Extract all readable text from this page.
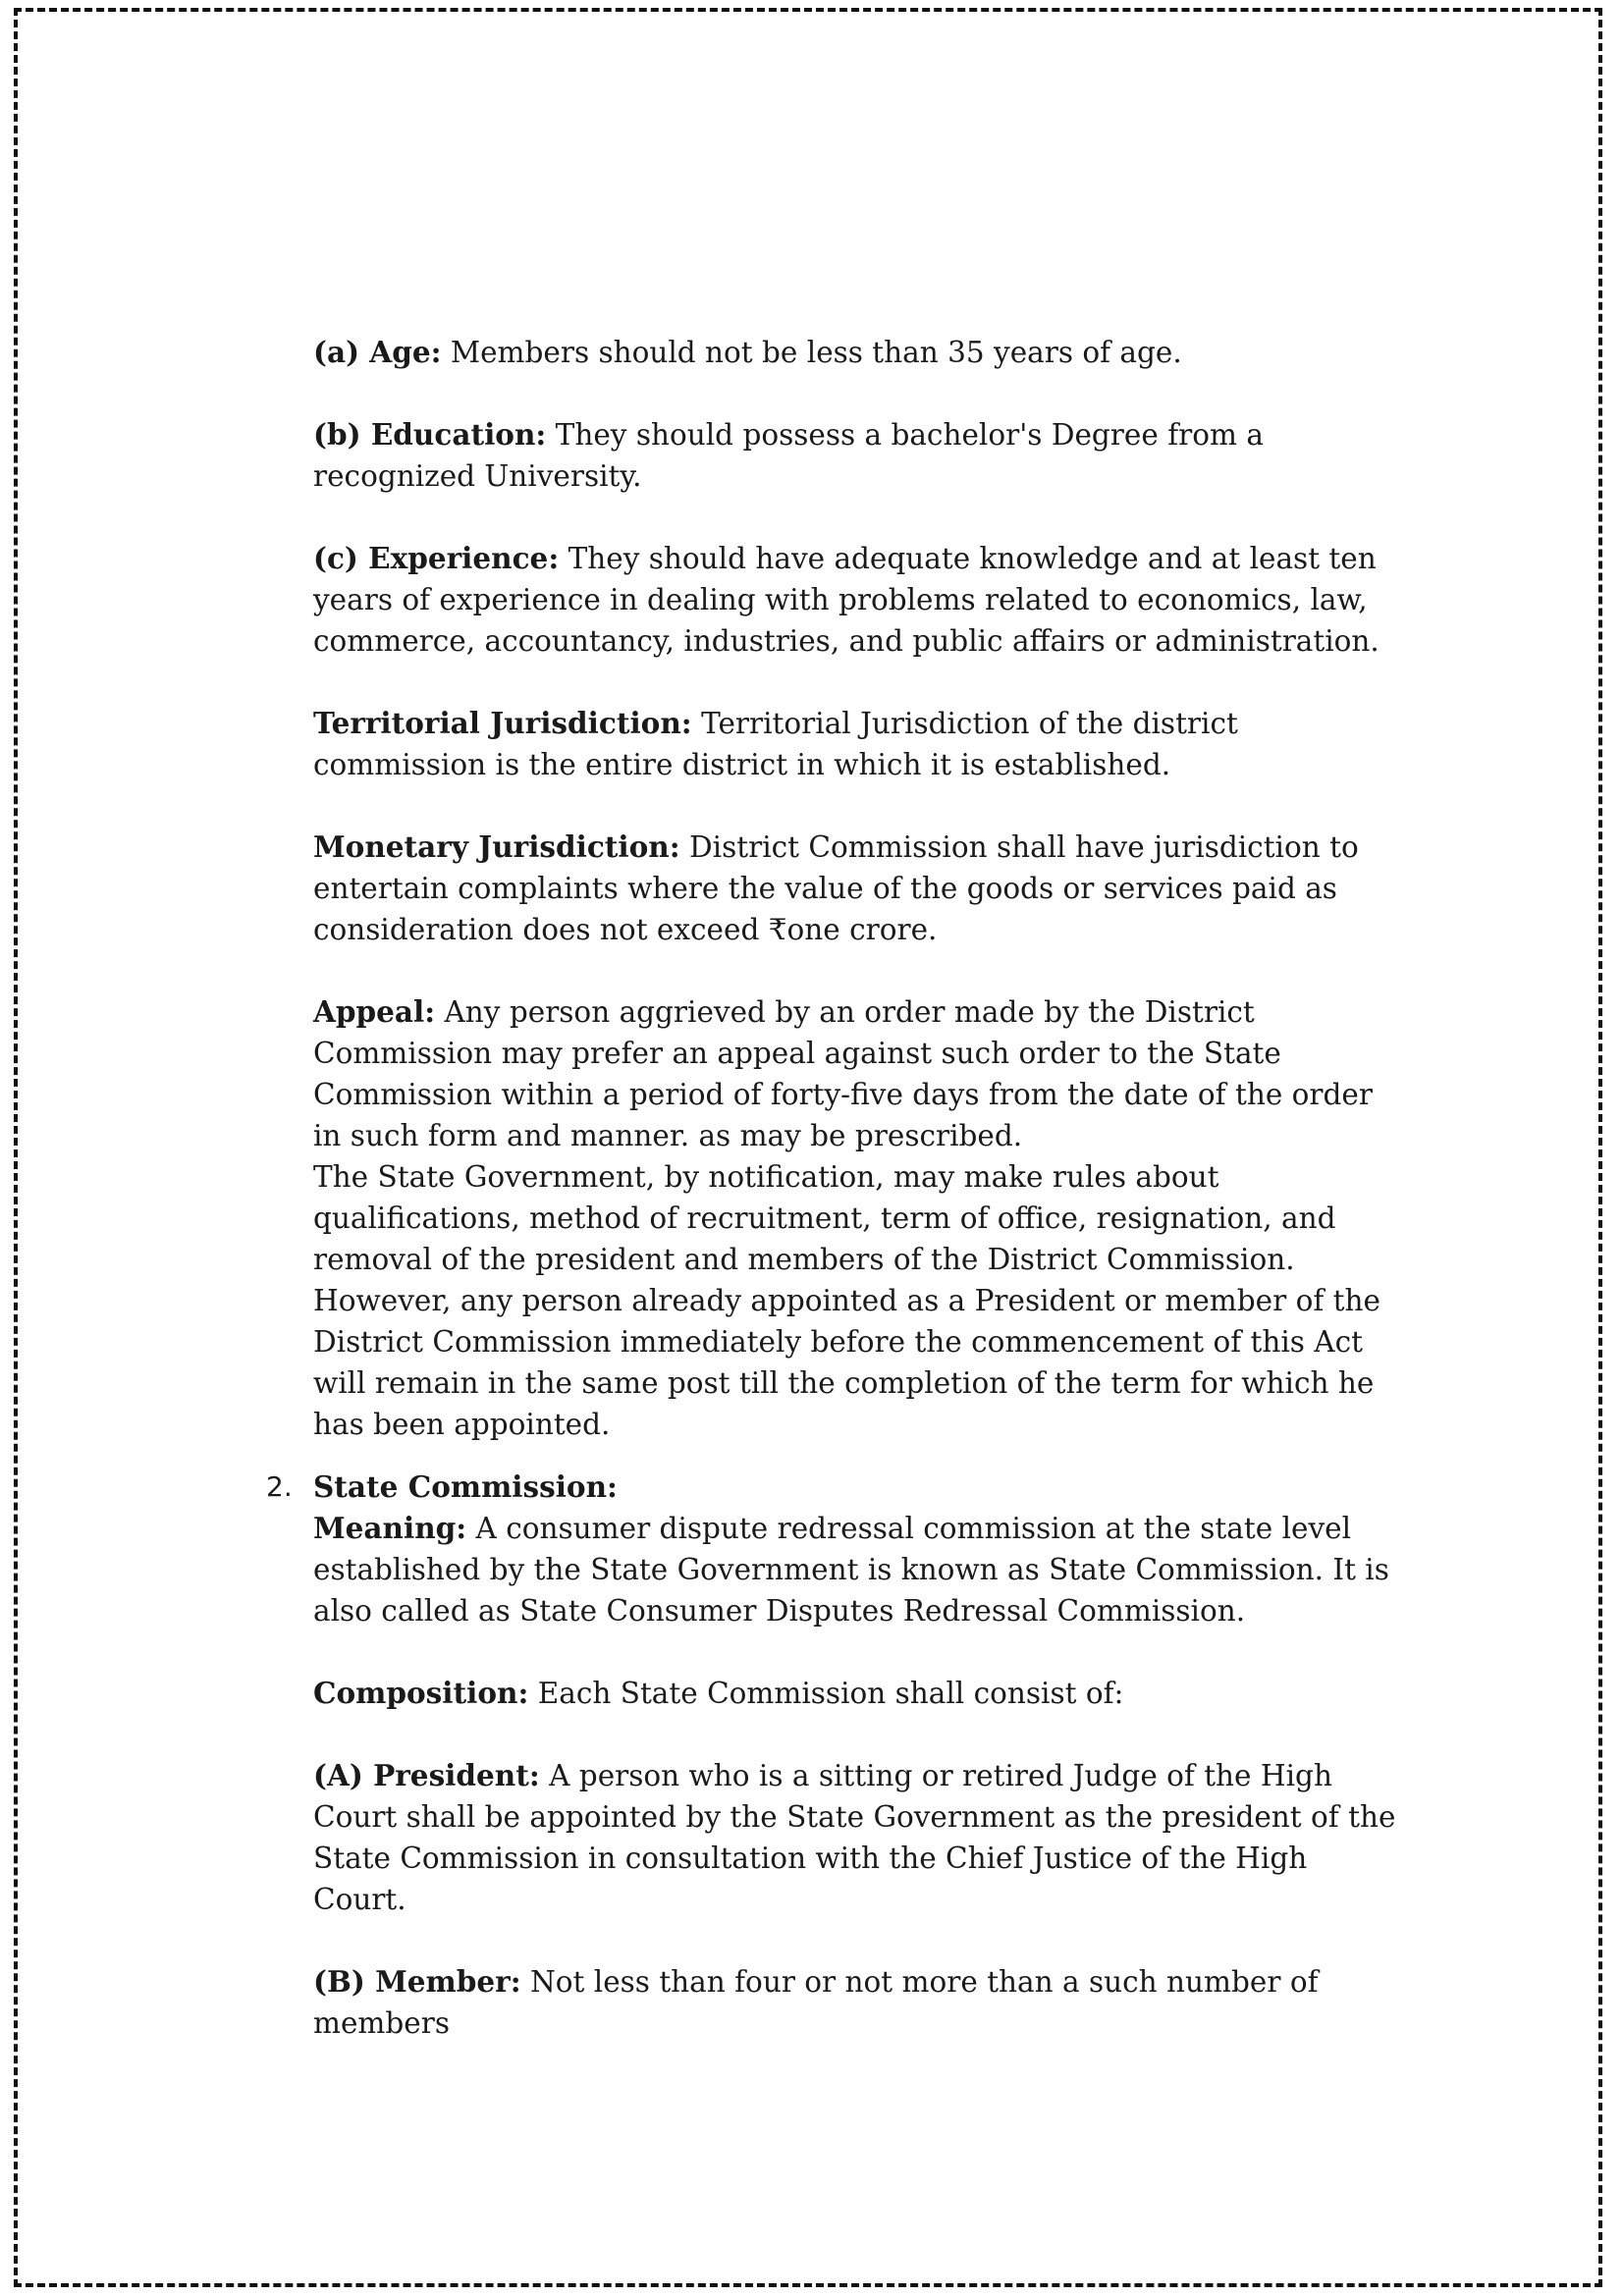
(a) Age: Members should not be less than 35 years of age.

(b) Education: They should possess a bachelor's Degree from a recognized University.

(c) Experience: They should have adequate knowledge and at least ten years of experience in dealing with problems related to economics, law, commerce, accountancy, industries, and public affairs or administration.

Territorial Jurisdiction: Territorial Jurisdiction of the district commission is the entire district in which it is established.

Monetary Jurisdiction: District Commission shall have jurisdiction to entertain complaints where the value of the goods or services paid as consideration does not exceed ₹one crore.

Appeal: Any person aggrieved by an order made by the District Commission may prefer an appeal against such order to the State Commission within a period of forty-five days from the date of the order in such form and manner. as may be prescribed.

The State Government, by notification, may make rules about qualifications, method of recruitment, term of office, resignation, and removal of the president and members of the District Commission. However, any person already appointed as a President or member of the District Commission immediately before the commencement of this Act will remain in the same post till the completion of the term for which he has been appointed.

2. State Commission:

Meaning: A consumer dispute redressal commission at the state level established by the State Government is known as State Commission. It is also called as State Consumer Disputes Redressal Commission.

Composition: Each State Commission shall consist of:

(A) President: A person who is a sitting or retired Judge of the High Court shall be appointed by the State Government as the president of the State Commission in consultation with the Chief Justice of the High Court.

(B) Member: Not less than four or not more than a such number of members
